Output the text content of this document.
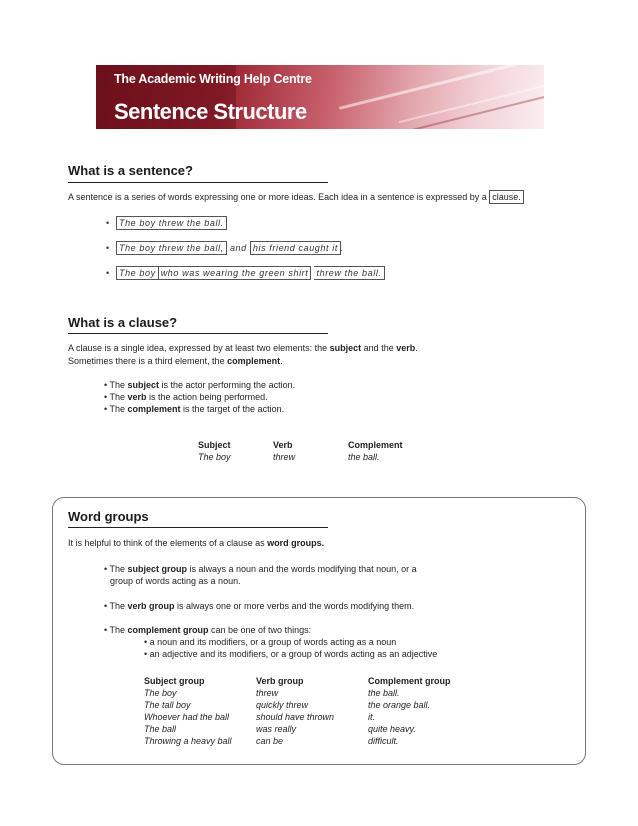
The Academic Writing Help Centre
Sentence Structure
What is a sentence?
A sentence is a series of words expressing one or more ideas. Each idea in a sentence is expressed by a clause.
•  The boy threw the ball.
•  The boy threw the ball, and his friend caught it .
•  The boy who was wearing the green shirt threw the ball.
What is a clause?
A clause is a single idea, expressed by at least two elements: the subject and the verb.
Sometimes there is a third element, the complement.
• The subject is the actor performing the action.
• The verb is the action being performed.
• The complement is the target of the action.
Subject
The boy
Verb
threw
Complement
the ball.
Word groups
It is helpful to think of the elements of a clause as word groups.
• The subject group is always a noun and the words modifying that noun, or a
group of words acting as a noun.
• The verb group is always one or more verbs and the words modifying them.
• The complement group can be one of two things:
• a noun and its modifiers, or a group of words acting as a noun
• an adjective and its modifiers, or a group of words acting as an adjective
Subject group
The boy
The tall boy
Whoever had the ball
The ball
Throwing a heavy ball
Verb group
threw
quickly threw
should have thrown
was really
can be
Complement group
the ball.
the orange ball.
it.
quite heavy.
difficult.
